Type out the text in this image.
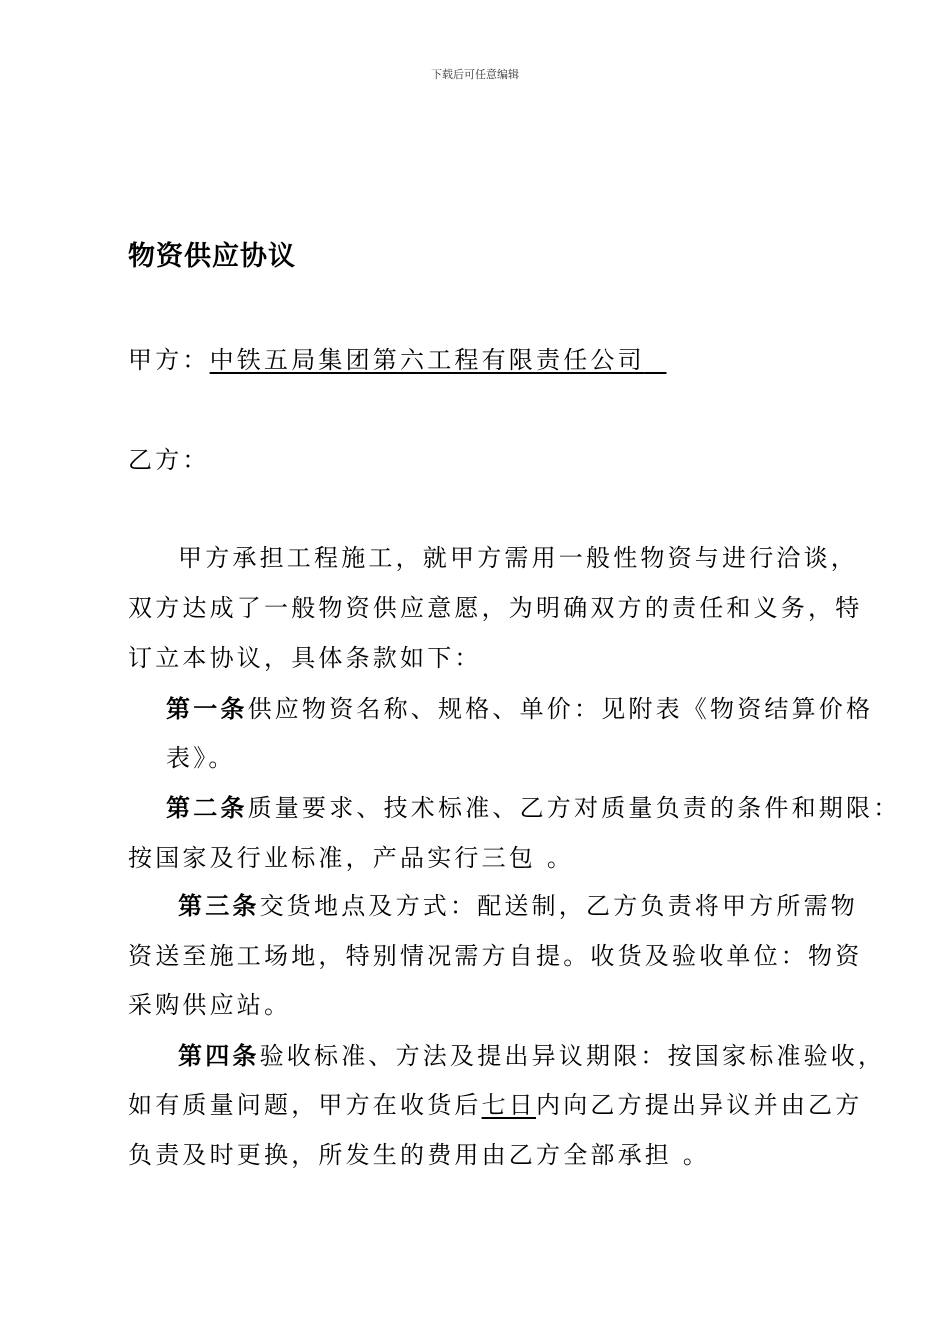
下载后可任意编辑
物资供应协议
甲方：中铁五局集团第六工程有限责任公司
乙方：
甲方承担工程施工，就甲方需用一般性物资与进行洽谈，
双方达成了一般物资供应意愿，为明确双方的责任和义务，特
订立本协议，具体条款如下：
第一条供应物资名称、规格、单价：见附表《物资结算价格
表》。
第二条质量要求、技术标准、乙方对质量负责的条件和期限：
按国家及行业标准，产品实行三包 。
第三条交货地点及方式：配送制，乙方负责将甲方所需物
资送至施工场地，特别情况需方自提。收货及验收单位：物资
采购供应站。
第四条验收标准、方法及提出异议期限：按国家标准验收，
如有质量问题，甲方在收货后七日内向乙方提出异议并由乙方
负责及时更换，所发生的费用由乙方全部承担 。
